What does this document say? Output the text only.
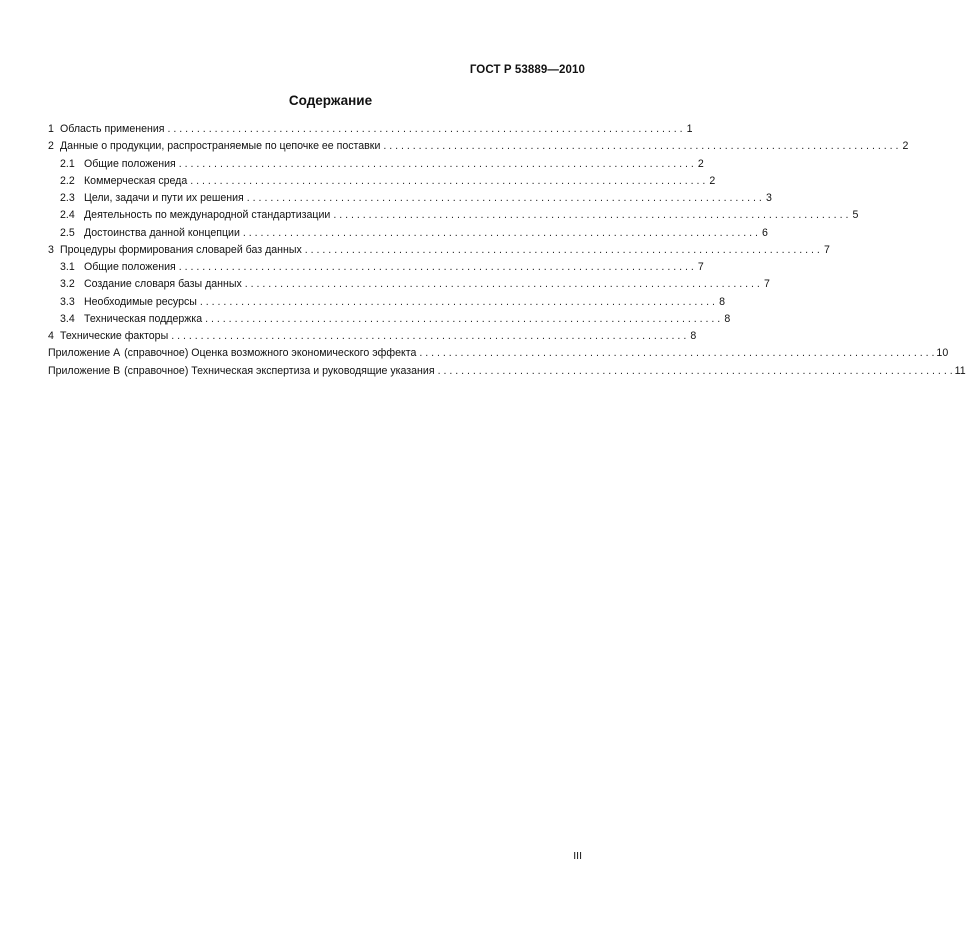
ГОСТ Р 53889—2010
Содержание
1 Область применения . . .	1
2 Данные о продукции, распространяемые по цепочке ее поставки . . .	2
2.1 Общие положения . . .	2
2.2 Коммерческая среда . . .	2
2.3 Цели, задачи и пути их решения . . .	3
2.4 Деятельность по международной стандартизации . . .	5
2.5 Достоинства данной концепции . . .	6
3 Процедуры формирования словарей баз данных . . .	7
3.1 Общие положения . . .	7
3.2 Создание словаря базы данных . . .	7
3.3 Необходимые ресурсы . . .	8
3.4 Техническая поддержка . . .	8
4 Технические факторы . . .	8
Приложение А (справочное) Оценка возможного экономического эффекта . . .	10
Приложение В (справочное) Техническая экспертиза и руководящие указания . . .	11
III
